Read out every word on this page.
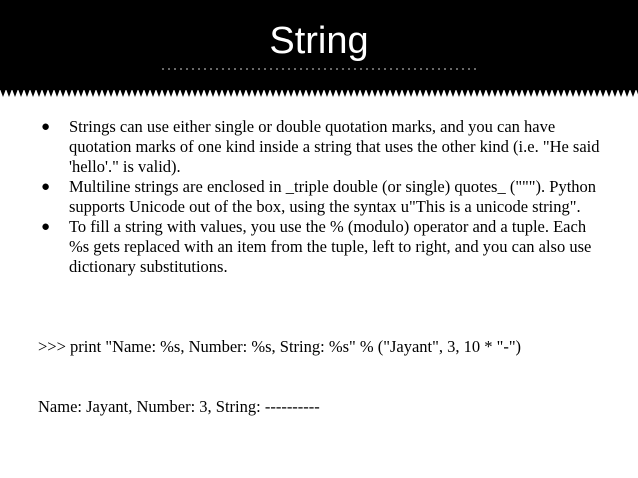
String
● Strings can use either single or double quotation marks, and you can have quotation marks of one kind inside a string that uses the other kind (i.e. "He said 'hello'." is valid).
● Multiline strings are enclosed in _triple double (or single) quotes_ ("""). Python supports Unicode out of the box, using the syntax u"This is a unicode string".
● To fill a string with values, you use the % (modulo) operator and a tuple. Each %s gets replaced with an item from the tuple, left to right, and you can also use dictionary substitutions.

>>> print "Name: %s, Number: %s, String: %s" % ("Jayant", 3, 10 * "-")

Name: Jayant, Number: 3, String: ----------
